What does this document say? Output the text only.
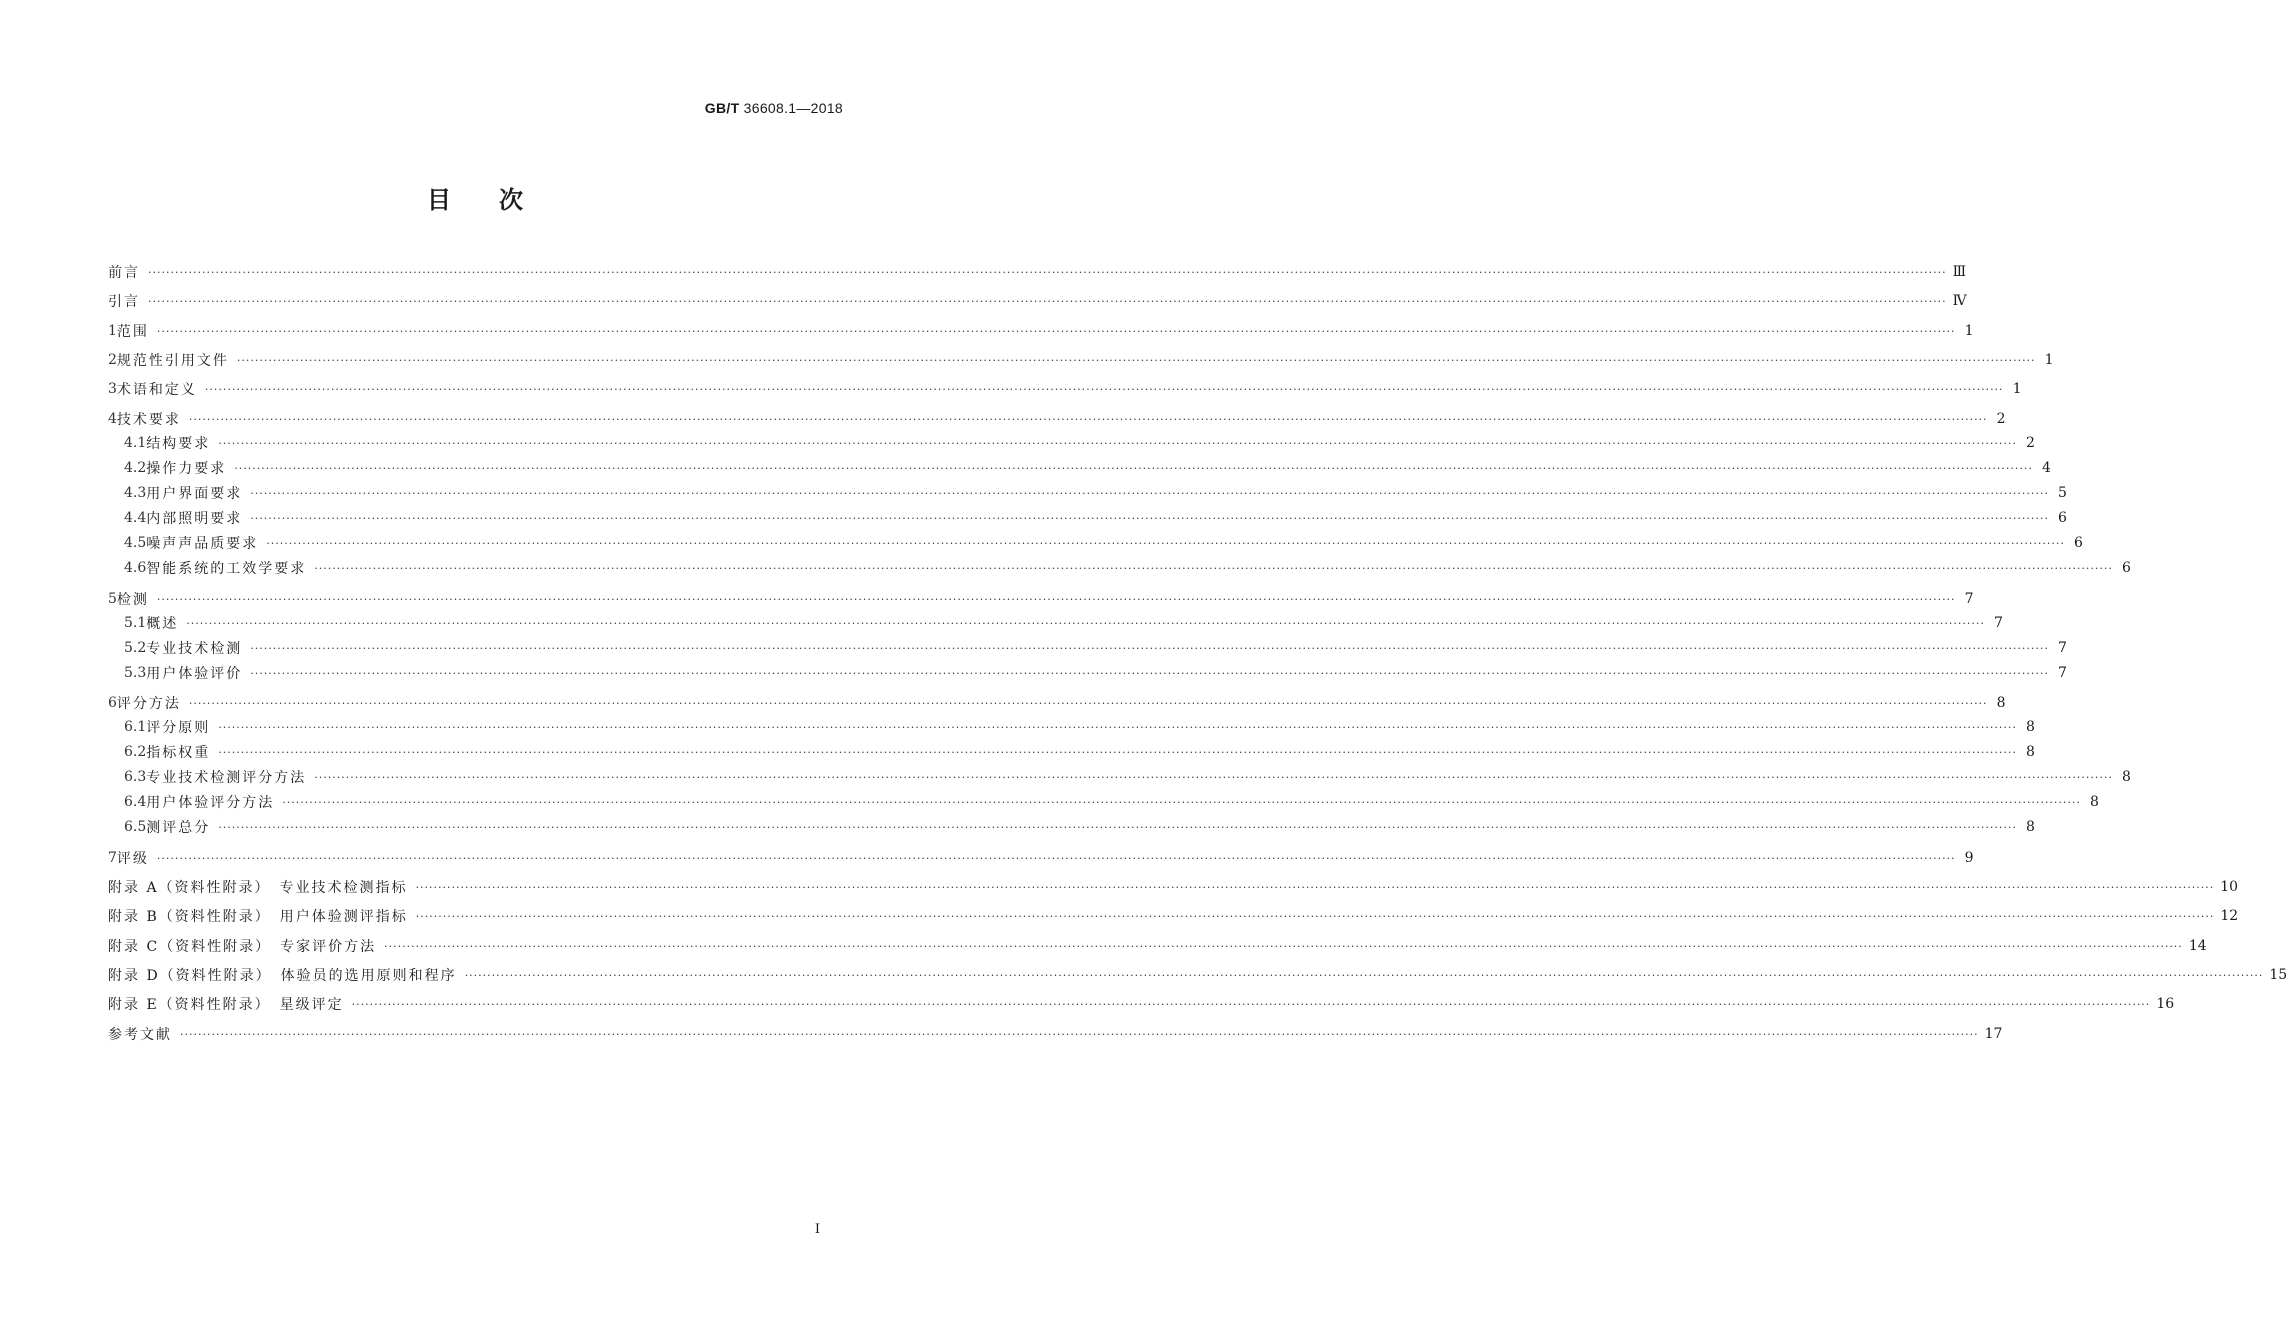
GB/T 36608.1—2018
目　　次
前言 ················································································································································································································································································································································································································ Ⅲ
引言 ················································································································································································································································································································································································································ Ⅳ
1 范围 ················································································································································································································································································································································································································ 1
2 规范性引用文件 ················································································································································································································································································································································································································ 1
3 术语和定义 ················································································································································································································································································································································································································ 1
4 技术要求 ················································································································································································································································································································································································································ 2
4.1 结构要求 ················································································································································································································································································································································································································ 2
4.2 操作力要求 ················································································································································································································································································································································································································ 4
4.3 用户界面要求 ················································································································································································································································································································································································································ 5
4.4 内部照明要求 ················································································································································································································································································································································································································ 6
4.5 噪声声品质要求 ················································································································································································································································································································································································································ 6
4.6 智能系统的工效学要求 ················································································································································································································································································································································································································ 6
5 检测 ················································································································································································································································································································································································································ 7
5.1 概述 ················································································································································································································································································································································································································ 7
5.2 专业技术检测 ················································································································································································································································································································································································································ 7
5.3 用户体验评价 ················································································································································································································································································································································································································ 7
6 评分方法 ················································································································································································································································································································································································································ 8
6.1 评分原则 ················································································································································································································································································································································································································ 8
6.2 指标权重 ················································································································································································································································································································································································································ 8
6.3 专业技术检测评分方法 ················································································································································································································································································································································································································ 8
6.4 用户体验评分方法 ················································································································································································································································································································································································································ 8
6.5 测评总分 ················································································································································································································································································································································································································ 8
7 评级 ················································································································································································································································································································································································································ 9
附录 A（资料性附录）　专业技术检测指标 ················································································································································································································································································································································································································ 10
附录 B（资料性附录）　用户体验测评指标 ················································································································································································································································································································································································································ 12
附录 C（资料性附录）　专家评价方法 ················································································································································································································································································································································································································ 14
附录 D（资料性附录）　体验员的选用原则和程序 ················································································································································································································································································································································································································ 15
附录 E（资料性附录）　星级评定 ················································································································································································································································································································································································································ 16
参考文献 ················································································································································································································································································································································································································ 17
Ⅰ
